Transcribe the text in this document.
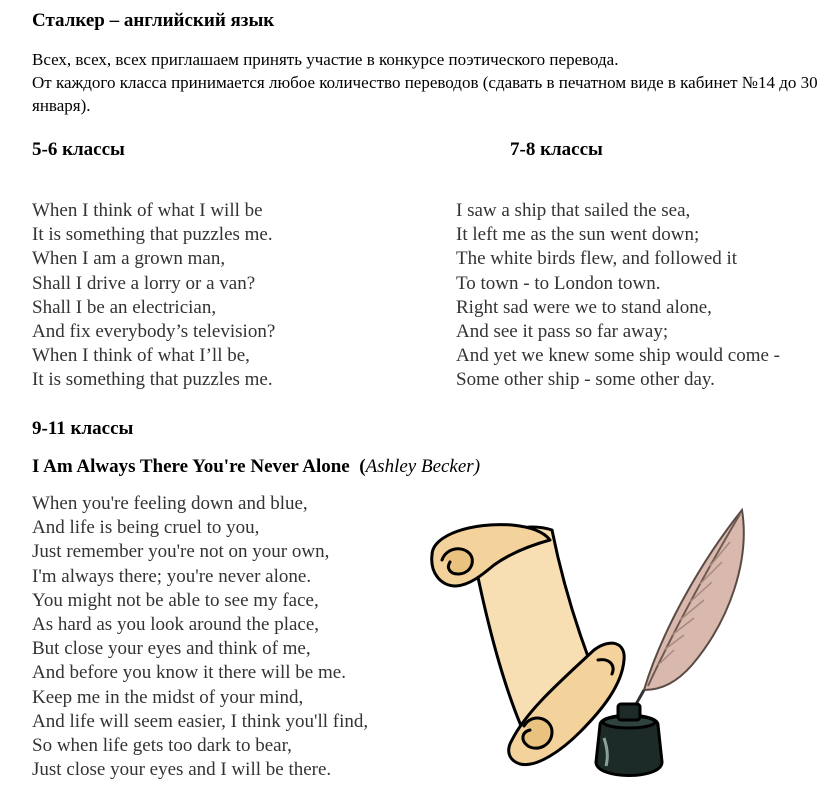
Сталкер – английский язык
Всех, всех, всех приглашаем принять участие в конкурсе поэтического перевода.
От каждого класса принимается любое количество переводов (сдавать в печатном виде в кабинет №14 до 30 января).
5-6 классы	7-8 классы
When I think of what I will be
It is something that puzzles me.
When I am a grown man,
Shall I drive a lorry or a van?
Shall I be an electrician,
And fix everybody’s television?
When I think of what I’ll be,
It is something that puzzles me.
I saw a ship that sailed the sea,
It left me as the sun went down;
The white birds flew, and followed it
To town - to London town.
Right sad were we to stand alone,
And see it pass so far away;
And yet we knew some ship would come -
Some other ship - some other day.
9-11 классы
I Am Always There You're Never Alone (Ashley Becker)
When you're feeling down and blue,
And life is being cruel to you,
Just remember you're not on your own,
I'm always there; you're never alone.
You might not be able to see my face,
As hard as you look around the place,
But close your eyes and think of me,
And before you know it there will be me.
Keep me in the midst of your mind,
And life will seem easier, I think you'll find,
So when life gets too dark to bear,
Just close your eyes and I will be there.
